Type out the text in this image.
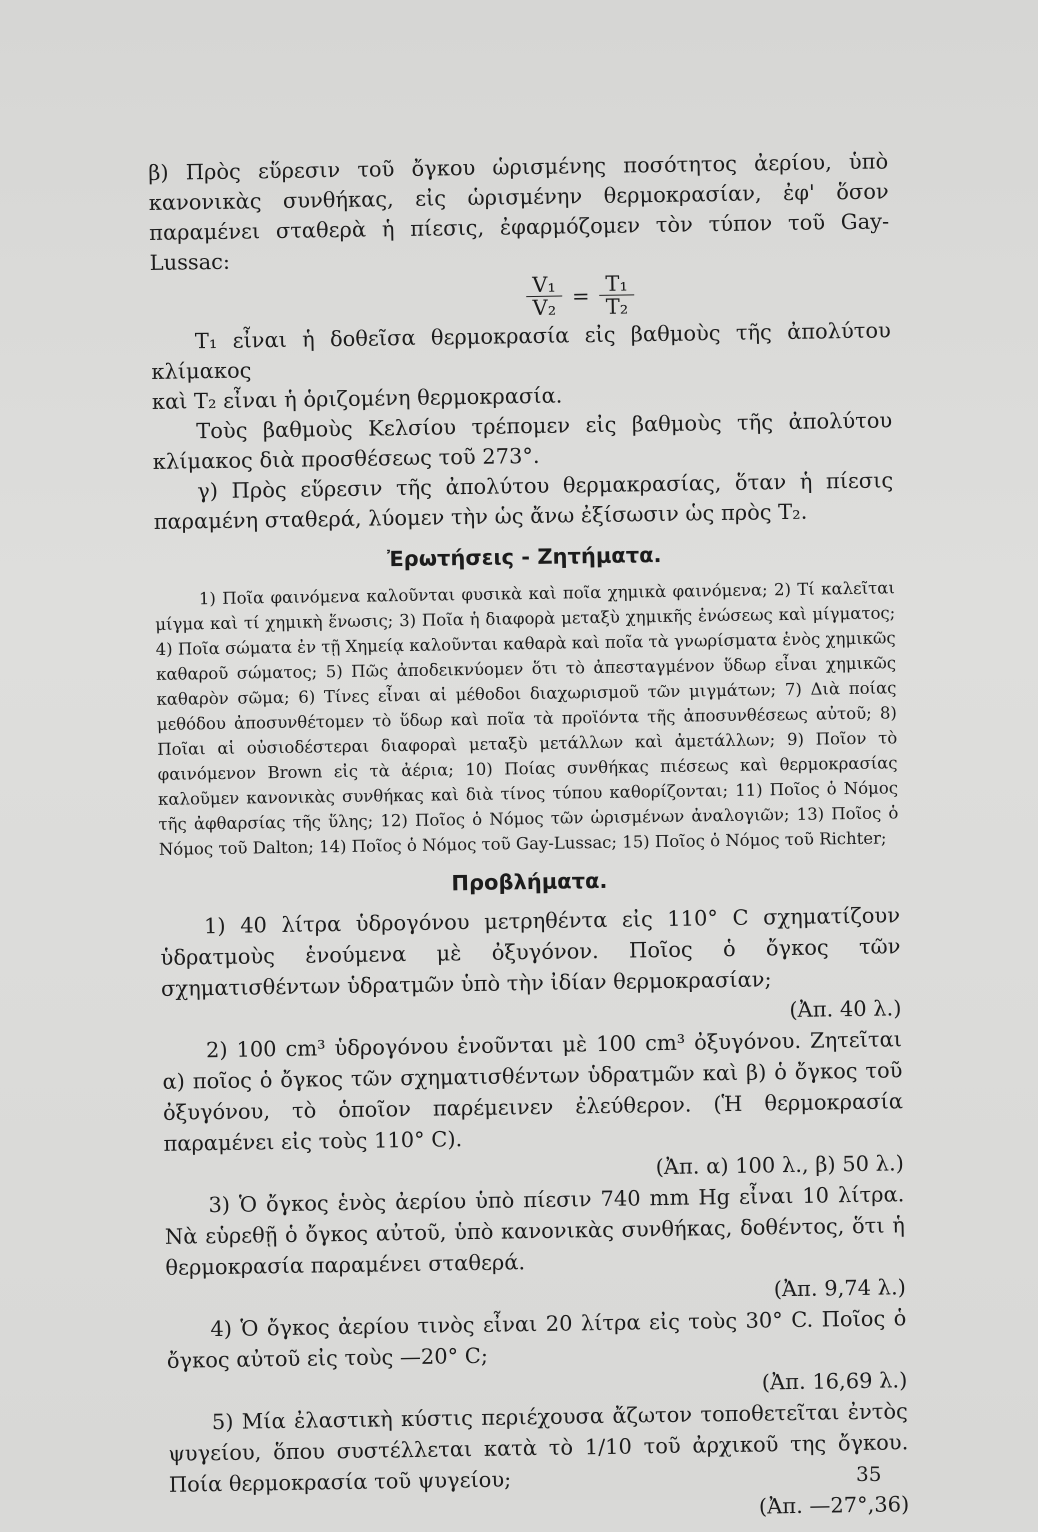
β) Πρὸς εὕρεσιν τοῦ ὄγκου ὡρισμένης ποσότητος ἀερίου, ὑπὸ κανονικὰς συνθήκας, εἰς ὡρισμένην θερμοκρασίαν, ἐφ' ὅσον παραμένει σταθερὰ ἡ πίεσις, ἐφαρμόζομεν τὸν τύπον τοῦ Gay-Lussac:

$\frac{\text{V₁}}{\text{V₂}} = \frac{\text{T₁}}{\text{T₂}}$

T₁ εἶναι ἡ δοθεῖσα θερμοκρασία εἰς βαθμοὺς τῆς ἀπολύτου κλίμακος

καὶ T₂ εἶναι ἡ ὁριζομένη θερμοκρασία.

Τοὺς βαθμοὺς Κελσίου τρέπομεν εἰς βαθμοὺς τῆς ἀπολύτου κλίμακος διὰ προσθέσεως τοῦ 273°.

γ) Πρὸς εὕρεσιν τῆς ἀπολύτου θερμακρασίας, ὅταν ἡ πίεσις παραμένη σταθερά, λύομεν τὴν ὡς ἄνω ἐξίσωσιν ὡς πρὸς T₂.

Ἐρωτήσεις - Ζητήματα.

1) Ποῖα φαινόμενα καλοῦνται φυσικὰ καὶ ποῖα χημικὰ φαινόμενα; 2) Τί καλεῖται μίγμα καὶ τί χημικὴ ἕνωσις; 3) Ποῖα ἡ διαφορὰ μεταξὺ χημικῆς ἑνώσεως καὶ μίγματος; 4) Ποῖα σώματα ἐν τῇ Χημείᾳ καλοῦνται καθαρὰ καὶ ποῖα τὰ γνωρίσματα ἑνὸς χημικῶς καθαροῦ σώματος; 5) Πῶς ἀποδεικνύομεν ὅτι τὸ ἀπεσταγμένον ὕδωρ εἶναι χημικῶς καθαρὸν σῶμα; 6) Τίνες εἶναι αἱ μέθοδοι διαχωρισμοῦ τῶν μιγμάτων; 7) Διὰ ποίας μεθόδου ἀποσυνθέτομεν τὸ ὕδωρ καὶ ποῖα τὰ προϊόντα τῆς ἀποσυνθέσεως αὐτοῦ; 8) Ποῖαι αἱ οὐσιοδέστεραι διαφοραὶ μεταξὺ μετάλλων καὶ ἀμετάλλων; 9) Ποῖον τὸ φαινόμενον Brown εἰς τὰ ἀέρια; 10) Ποίας συνθήκας πιέσεως καὶ θερμοκρασίας καλοῦμεν κανονικὰς συνθήκας καὶ διὰ τίνος τύπου καθορίζονται; 11) Ποῖος ὁ Νόμος τῆς ἀφθαρσίας τῆς ὕλης; 12) Ποῖος ὁ Νόμος τῶν ὡρισμένων ἀναλογιῶν; 13) Ποῖος ὁ Νόμος τοῦ Dalton; 14) Ποῖος ὁ Νόμος τοῦ Gay-Lussac; 15) Ποῖος ὁ Νόμος τοῦ Richter;

Προβλήματα.

1) 40 λίτρα ὑδρογόνου μετρηθέντα εἰς 110° C σχηματίζουν ὑδρατμοὺς ἑνούμενα μὲ ὀξυγόνον. Ποῖος ὁ ὄγκος τῶν σχηματισθέντων ὑδρατμῶν ὑπὸ τὴν ἰδίαν θερμοκρασίαν;
(Ἀπ. 40 λ.)

2) 100 cm³ ὑδρογόνου ἑνοῦνται μὲ 100 cm³ ὀξυγόνου. Ζητεῖται α) ποῖος ὁ ὄγκος τῶν σχηματισθέντων ὑδρατμῶν καὶ β) ὁ ὄγκος τοῦ ὀξυγόνου, τὸ ὁποῖον παρέμεινεν ἐλεύθερον. (Ἡ θερμοκρασία παραμένει εἰς τοὺς 110° C).
(Ἀπ. α) 100 λ., β) 50 λ.)

3) Ὁ ὄγκος ἑνὸς ἀερίου ὑπὸ πίεσιν 740 mm Hg εἶναι 10 λίτρα. Νὰ εὑρεθῇ ὁ ὄγκος αὐτοῦ, ὑπὸ κανονικὰς συνθήκας, δοθέντος, ὅτι ἡ θερμοκρασία παραμένει σταθερά.
(Ἀπ. 9,74 λ.)

4) Ὁ ὄγκος ἀερίου τινὸς εἶναι 20 λίτρα εἰς τοὺς 30° C. Ποῖος ὁ ὄγκος αὐτοῦ εἰς τοὺς —20° C;
(Ἀπ. 16,69 λ.)

5) Μία ἐλαστικὴ κύστις περιέχουσα ἄζωτον τοποθετεῖται ἐντὸς ψυγείου, ὅπου συστέλλεται κατὰ τὸ 1/10 τοῦ ἀρχικοῦ της ὄγκου. Ποία θερμοκρασία τοῦ ψυγείου;
(Ἀπ. —27°,36)

35
